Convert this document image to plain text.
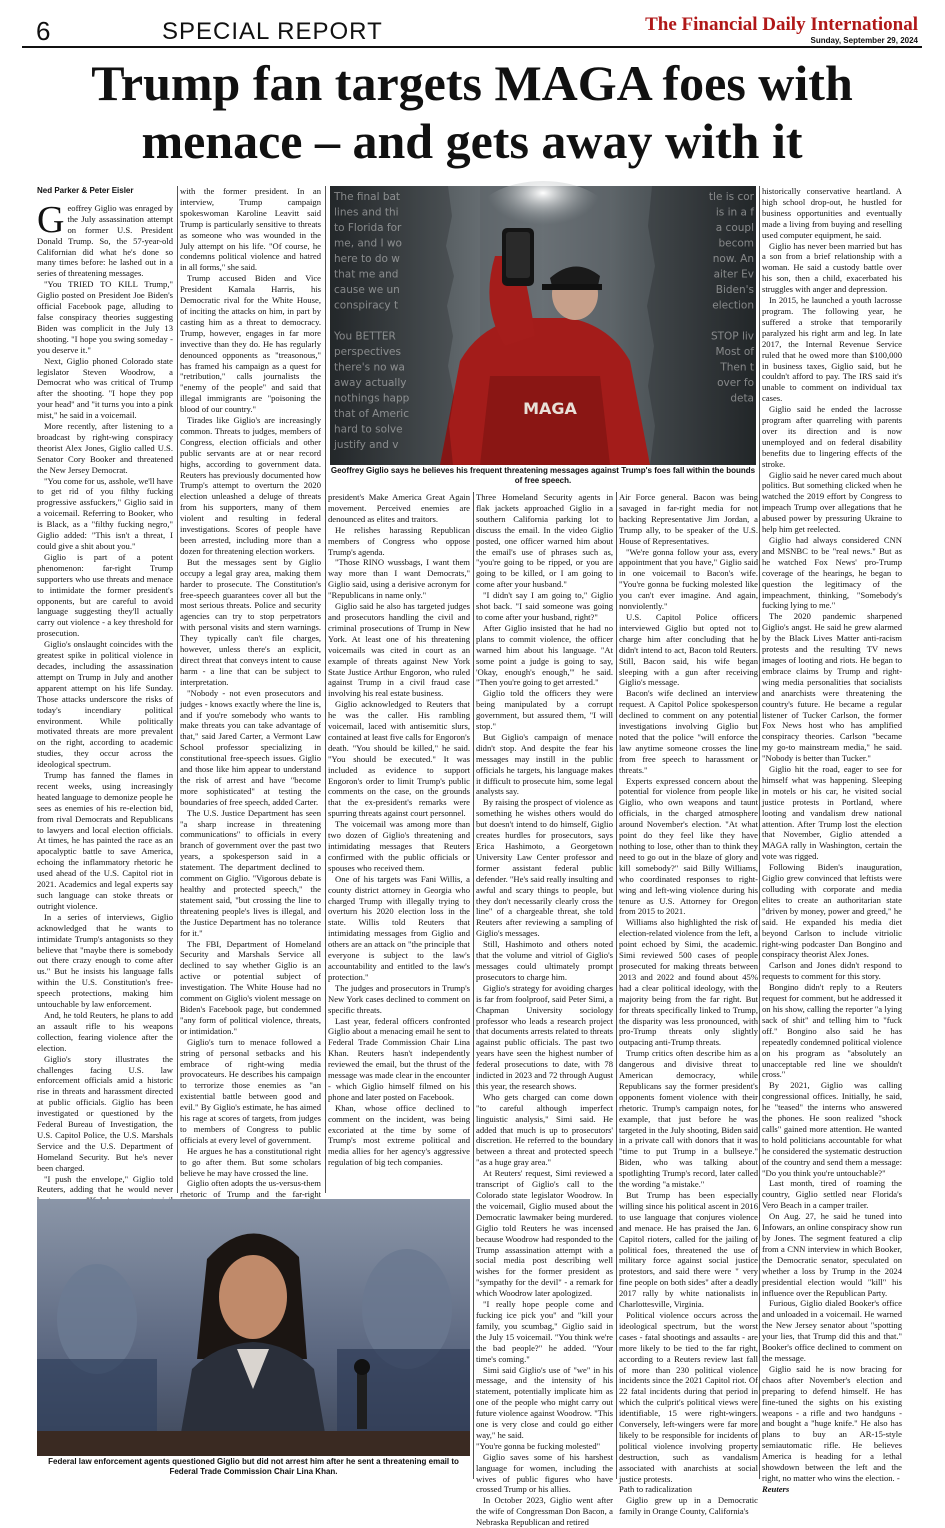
6	SPECIAL REPORT	The Financial Daily International
Sunday, September 29, 2024
Trump fan targets MAGA foes with
menace – and gets away with it
Ned Parker & Peter Eisler

Geoffrey Giglio was enraged by the July assassination attempt on former U.S. President Donald Trump. So, the 57-year-old Californian did what he's done so many times before: he lashed out in a series of threatening messages.

"You TRIED TO KILL Trump," Giglio posted on President Joe Biden's official Facebook page, alluding to false conspiracy theories suggesting Biden was complicit in the July 13 shooting. "I hope you swing someday - you deserve it."

Next, Giglio phoned Colorado state legislator Steven Woodrow, a Democrat who was critical of Trump after the shooting. "I hope they pop your head" and "it turns you into a pink mist," he said in a voicemail.

More recently, after listening to a broadcast by right-wing conspiracy theorist Alex Jones, Giglio called U.S. Senator Cory Booker and threatened the New Jersey Democrat.

"You come for us, asshole, we'll have to get rid of you filthy fucking progressive assfuckers," Giglio said in a voicemail. Referring to Booker, who is Black, as a "filthy fucking negro," Giglio added: "This isn't a threat, I could give a shit about you."

Giglio is part of a potent phenomenon: far-right Trump supporters who use threats and menace to intimidate the former president's opponents, but are careful to avoid language suggesting they'll actually carry out violence - a key threshold for prosecution.

Giglio's onslaught coincides with the greatest spike in political violence in decades, including the assassination attempt on Trump in July and another apparent attempt on his life Sunday. Those attacks underscore the risks of today's incendiary political environment. While politically motivated threats are more prevalent on the right, according to academic studies, they occur across the ideological spectrum.

Trump has fanned the flames in recent weeks, using increasingly heated language to demonize people he sees as enemies of his re-election bid, from rival Democrats and Republicans to lawyers and local election officials. At times, he has painted the race as an apocalyptic battle to save America, echoing the inflammatory rhetoric he used ahead of the U.S. Capitol riot in 2021. Academics and legal experts say such language can stoke threats or outright violence.

In a series of interviews, Giglio acknowledged that he wants to intimidate Trump's antagonists so they believe that "maybe there is somebody out there crazy enough to come after us." But he insists his language falls within the U.S. Constitution's free-speech protections, making him untouchable by law enforcement.

And, he told Reuters, he plans to add an assault rifle to his weapons collection, fearing violence after the election.

Giglio's story illustrates the challenges facing U.S. law enforcement officials amid a historic rise in threats and harassment directed at public officials. Giglio has been investigated or questioned by the Federal Bureau of Investigation, the U.S. Capitol Police, the U.S. Marshals Service and the U.S. Department of Homeland Security. But he's never been charged.

"I push the envelope," Giglio told Reuters, adding that he would never

with the former president. In an interview, Trump campaign spokeswoman Karoline Leavitt said Trump is particularly sensitive to threats as someone who was wounded in the July attempt on his life. "Of course, he condemns political violence and hatred in all forms," she said.

Trump accused Biden and Vice President Kamala Harris, his Democratic rival for the White House, of inciting the attacks on him, in part by casting him as a threat to democracy. Trump, however, engages in far more invective than they do. He has regularly denounced opponents as "treasonous," has framed his campaign as a quest for "retribution," calls journalists the "enemy of the people" and said that illegal immigrants are "poisoning the blood of our country."

Tirades like Giglio's are increasingly common. Threats to judges, members of Congress, election officials and other public servants are at or near record highs, according to government data. Reuters has previously documented how Trump's attempt to overturn the 2020 election unleashed a deluge of threats from his supporters, many of them violent and resulting in federal investigations. Scores of people have been arrested, including more than a dozen for threatening election workers.

But the messages sent by Giglio occupy a legal gray area, making them harder to prosecute. The Constitution's free-speech guarantees cover all but the most serious threats. Police and security agencies can try to stop perpetrators with personal visits and stern warnings. They typically can't file charges, however, unless there's an explicit, direct threat that conveys intent to cause harm - a line that can be subject to interpretation.

"Nobody - not even prosecutors and judges - knows exactly where the line is, and if you're somebody who wants to make threats you can take advantage of that," said Jared Carter, a Vermont Law School professor specializing in constitutional free-speech issues. Giglio and those like him appear to understand the risk of arrest and have "become more sophisticated" at testing the boundaries of free speech, added Carter.

The U.S. Justice Department has seen "a sharp increase in threatening communications" to officials in every branch of government over the past two years, a spokesperson said in a statement. The department declined to comment on Giglio. "Vigorous debate is healthy and protected speech," the statement said, "but crossing the line to threatening people's lives is illegal, and the Justice Department has no tolerance for it."

The FBI, Department of Homeland Security and Marshals Service all declined to say whether Giglio is an active or potential subject of investigation. The White House had no comment on Giglio's violent message on Biden's Facebook page, but condemned "any form of political violence, threats, or intimidation."

Giglio's turn to menace followed a string of personal setbacks and his embrace of right-wing media provocateurs. He describes his campaign to terrorize those enemies as "an existential battle between good and evil." By Giglio's estimate, he has aimed his rage at scores of targets, from judges to members of Congress to public officials at every level of government.

He argues he has a constitutional right to go after them. But some scholars believe he may have crossed the line.

Giglio often adopts the us-versus-them rhetoric of Trump and the far-right

MAGA
The final bat
lines and thi
to Florida for
me, and I wo
here to do w
that me and
cause we un
conspiracy t
You BETTER
perspectives
there's no wa
away actually
nothings happ
that of Americ
hard to solve
justify and v
tle is cor
is in a f
a coupl
becom
now. An
aiter Ev
Biden's
election
STOP liv
Most of
Then t
over fo
deta
Geoffrey Giglio says he believes his frequent threatening messages against Trump's foes fall within the bounds of free speech.

president's Make America Great Again movement. Perceived enemies are denounced as elites and traitors.

He relishes harassing Republican members of Congress who oppose Trump's agenda.

"Those RINO wussbags, I want them way more than I want Democrats," Giglio said, using a derisive acronym for "Republicans in name only."

Giglio said he also has targeted judges and prosecutors handling the civil and criminal prosecutions of Trump in New York. At least one of his threatening voicemails was cited in court as an example of threats against New York State Justice Arthur Engoron, who ruled against Trump in a civil fraud case involving his real estate business.

Giglio acknowledged to Reuters that he was the caller. His rambling voicemail, laced with antisemitic slurs, contained at least five calls for Engoron's death. "You should be killed," he said. "You should be executed." It was included as evidence to support Engoron's order to limit Trump's public comments on the case, on the grounds that the ex-president's remarks were spurring threats against court personnel.

The voicemail was among more than two dozen of Giglio's threatening and intimidating messages that Reuters confirmed with the public officials or spouses who received them.

One of his targets was Fani Willis, a county district attorney in Georgia who charged Trump with illegally trying to overturn his 2020 election loss in the state. Willis told Reuters that intimidating messages from Giglio and others are an attack on "the principle that everyone is subject to the law's accountability and entitled to the law's protection."

The judges and prosecutors in Trump's New York cases declined to comment on specific threats.

Last year, federal officers confronted Giglio about a menacing email he sent to Federal Trade Commission Chair Lina Khan. Reuters hasn't independently reviewed the email, but the thrust of the message was made clear in the encounter - which Giglio himself filmed on his phone and later posted on Facebook.

Khan, whose office declined to comment on the incident, was being excoriated at the time by some of Trump's most extreme political and media allies for her agency's aggressive regulation of big tech companies.

Three Homeland Security agents in flak jackets approached Giglio in a southern California parking lot to discuss the email. In the video Giglio posted, one officer warned him about the email's use of phrases such as, "you're going to be ripped, or you are going to be killed, or I am going to come after your husband."

"I didn't say I am going to," Giglio shot back. "I said someone was going to come after your husband, right?"

After Giglio insisted that he had no plans to commit violence, the officer warned him about his language. "At some point a judge is going to say, 'Okay, enough's enough,'" he said. "Then you're going to get arrested."

Giglio told the officers they were being manipulated by a corrupt government, but assured them, "I will stop."

But Giglio's campaign of menace didn't stop. And despite the fear his messages may instill in the public officials he targets, his language makes it difficult to prosecute him, some legal analysts say.

By raising the prospect of violence as something he wishes others would do but doesn't intend to do himself, Giglio creates hurdles for prosecutors, says Erica Hashimoto, a Georgetown University Law Center professor and former assistant federal public defender. "He's said really insulting and awful and scary things to people, but they don't necessarily clearly cross the line" of a chargeable threat, she told Reuters after reviewing a sampling of Giglio's messages.

Still, Hashimoto and others noted that the volume and vitriol of Giglio's messages could ultimately prompt prosecutors to charge him.

Giglio's strategy for avoiding charges is far from foolproof, said Peter Simi, a Chapman University sociology professor who leads a research project that documents arrests related to threats against public officials. The past two years have seen the highest number of federal prosecutions to date, with 78 indicted in 2023 and 72 through August this year, the research shows.

Who gets charged can come down "to careful although imperfect linguistic analysis," Simi said. He added that much is up to prosecutors' discretion. He referred to the boundary between a threat and protected speech "as a huge gray area."

At Reuters' request, Simi reviewed a transcript of Giglio's call to the Colorado state legislator Woodrow. In the voicemail, Giglio mused about the Democratic lawmaker being murdered. Giglio told Reuters he was incensed because Woodrow had responded to the Trump assassination attempt with a social media post describing well wishes for the former president as "sympathy for the devil" - a remark for which Woodrow later apologized.

"I really hope people come and fucking ice pick you" and "kill your family, you scumbag," Giglio said in the July 15 voicemail. "You think we're the bad people?" he added. "Your time's coming."

Simi said Giglio's use of "we" in his message, and the intensity of his statement, potentially implicate him as one of the people who might carry out future violence against Woodrow. "This one is very close and could go either way," he said.

"You're gonna be fucking molested"

Giglio saves some of his harshest language for women, including the wives of public figures who have crossed Trump or his allies.

In October 2023, Giglio went after the wife of Congressman Don Bacon, a Nebraska Republican and retired

Air Force general. Bacon was being savaged in far-right media for not backing Representative Jim Jordan, a Trump ally, to be speaker of the U.S. House of Representatives.

"We're gonna follow your ass, every appointment that you have," Giglio said in one voicemail to Bacon's wife. "You're gonna be fucking molested like you can't ever imagine. And again, nonviolently."

U.S. Capitol Police officers interviewed Giglio but opted not to charge him after concluding that he didn't intend to act, Bacon told Reuters. Still, Bacon said, his wife began sleeping with a gun after receiving Giglio's message.

Bacon's wife declined an interview request. A Capitol Police spokesperson declined to comment on any potential investigations involving Giglio but noted that the police "will enforce the law anytime someone crosses the line from free speech to harassment or threats."

Experts expressed concern about the potential for violence from people like Giglio, who own weapons and taunt officials, in the charged atmosphere around November's election. "At what point do they feel like they have nothing to lose, other than to think they need to go out in the blaze of glory and kill somebody?" said Billy Williams, who coordinated responses to right-wing and left-wing violence during his tenure as U.S. Attorney for Oregon from 2015 to 2021.

Williams also highlighted the risk of election-related violence from the left, a point echoed by Simi, the academic. Simi reviewed 500 cases of people prosecuted for making threats between 2013 and 2022 and found about 45% had a clear political ideology, with the majority being from the far right. But for threats specifically linked to Trump, the disparity was less pronounced, with pro-Trump threats only slightly outpacing anti-Trump threats.

Trump critics often describe him as a dangerous and divisive threat to American democracy, while Republicans say the former president's opponents foment violence with their rhetoric. Trump's campaign notes, for example, that just before he was targeted in the July shooting, Biden said in a private call with donors that it was "time to put Trump in a bullseye." Biden, who was talking about spotlighting Trump's record, later called the wording "a mistake."

But Trump has been especially willing since his political ascent in 2016 to use language that conjures violence and menace. He has praised the Jan. 6 Capitol rioters, called for the jailing of political foes, threatened the use of military force against social justice protestors, and said there were " very fine people on both sides" after a deadly 2017 rally by white nationalists in Charlottesville, Virginia.

Political violence occurs across the ideological spectrum, but the worst cases - fatal shootings and assaults - are more likely to be tied to the far right, according to a Reuters review last fall of more than 230 political violence incidents since the 2021 Capitol riot. Of 22 fatal incidents during that period in which the culprit's political views were identifiable, 15 were right-wingers. Conversely, left-wingers were far more likely to be responsible for incidents of political violence involving property destruction, such as vandalism associated with anarchists at social justice protests.

Path to radicalization

Giglio grew up in a Democratic family in Orange County, California's

historically conservative heartland. A high school drop-out, he hustled for business opportunities and eventually made a living from buying and reselling used computer equipment, he said.

Giglio has never been married but has a son from a brief relationship with a woman. He said a custody battle over his son, then a child, exacerbated his struggles with anger and depression.

In 2015, he launched a youth lacrosse program. The following year, he suffered a stroke that temporarily paralyzed his right arm and leg. In late 2017, the Internal Revenue Service ruled that he owed more than $100,000 in business taxes, Giglio said, but he couldn't afford to pay. The IRS said it's unable to comment on individual tax cases.

Giglio said he ended the lacrosse program after quarreling with parents over its direction and is now unemployed and on federal disability benefits due to lingering effects of the stroke.

Giglio said he never cared much about politics. But something clicked when he watched the 2019 effort by Congress to impeach Trump over allegations that he abused power by pressuring Ukraine to help him get reelected.

Giglio had always considered CNN and MSNBC to be "real news." But as he watched Fox News' pro-Trump coverage of the hearings, he began to question the legitimacy of the impeachment, thinking, "Somebody's fucking lying to me."

The 2020 pandemic sharpened Giglio's angst. He said he grew alarmed by the Black Lives Matter anti-racism protests and the resulting TV news images of looting and riots. He began to embrace claims by Trump and right-wing media personalities that socialists and anarchists were threatening the country's future. He became a regular listener of Tucker Carlson, the former Fox News host who has amplified conspiracy theories. Carlson "became my go-to mainstream media," he said. "Nobody is better than Tucker."

Giglio hit the road, eager to see for himself what was happening. Sleeping in motels or his car, he visited social justice protests in Portland, where looting and vandalism drew national attention. After Trump lost the election that November, Giglio attended a MAGA rally in Washington, certain the vote was rigged.

Following Biden's inauguration, Giglio grew convinced that leftists were colluding with corporate and media elites to create an authoritarian state "driven by money, power and greed," he said. He expanded his media diet beyond Carlson to include vitriolic right-wing podcaster Dan Bongino and conspiracy theorist Alex Jones.

Carlson and Jones didn't respond to requests to comment for this story.

Bongino didn't reply to a Reuters request for comment, but he addressed it on his show, calling the reporter "a lying sack of shit" and telling him to "fuck off." Bongino also said he has repeatedly condemned political violence on his program as "absolutely an unacceptable red line we shouldn't cross."

By 2021, Giglio was calling congressional offices. Initially, he said, he "teased" the interns who answered the phones. He soon realized "shock calls" gained more attention. He wanted to hold politicians accountable for what he considered the systematic destruction of the country and send them a message: "Do you think you're untouchable?"

Last month, tired of roaming the country, Giglio settled near Florida's Vero Beach in a camper trailer.

On Aug. 27, he said he tuned into Infowars, an online conspiracy show run by Jones. The segment featured a clip from a CNN interview in which Booker, the Democratic senator, speculated on whether a loss by Trump in the 2024 presidential election would "kill" his influence over the Republican Party.

Furious, Giglio dialed Booker's office and unloaded in a voicemail. He warned the New Jersey senator about "spotting your lies, that Trump did this and that." Booker's office declined to comment on the message.

Giglio said he is now bracing for chaos after November's election and preparing to defend himself. He has fine-tuned the sights on his existing weapons - a rifle and two handguns - and bought a "huge knife." He also has plans to buy an AR-15-style semiautomatic rifle. He believes America is heading for a lethal showdown between the left and the right, no matter who wins the election. -

Reuters

Federal law enforcement agents questioned Giglio but did not arrest him after he sent a threatening email to Federal Trade Commission Chair Lina Khan.
